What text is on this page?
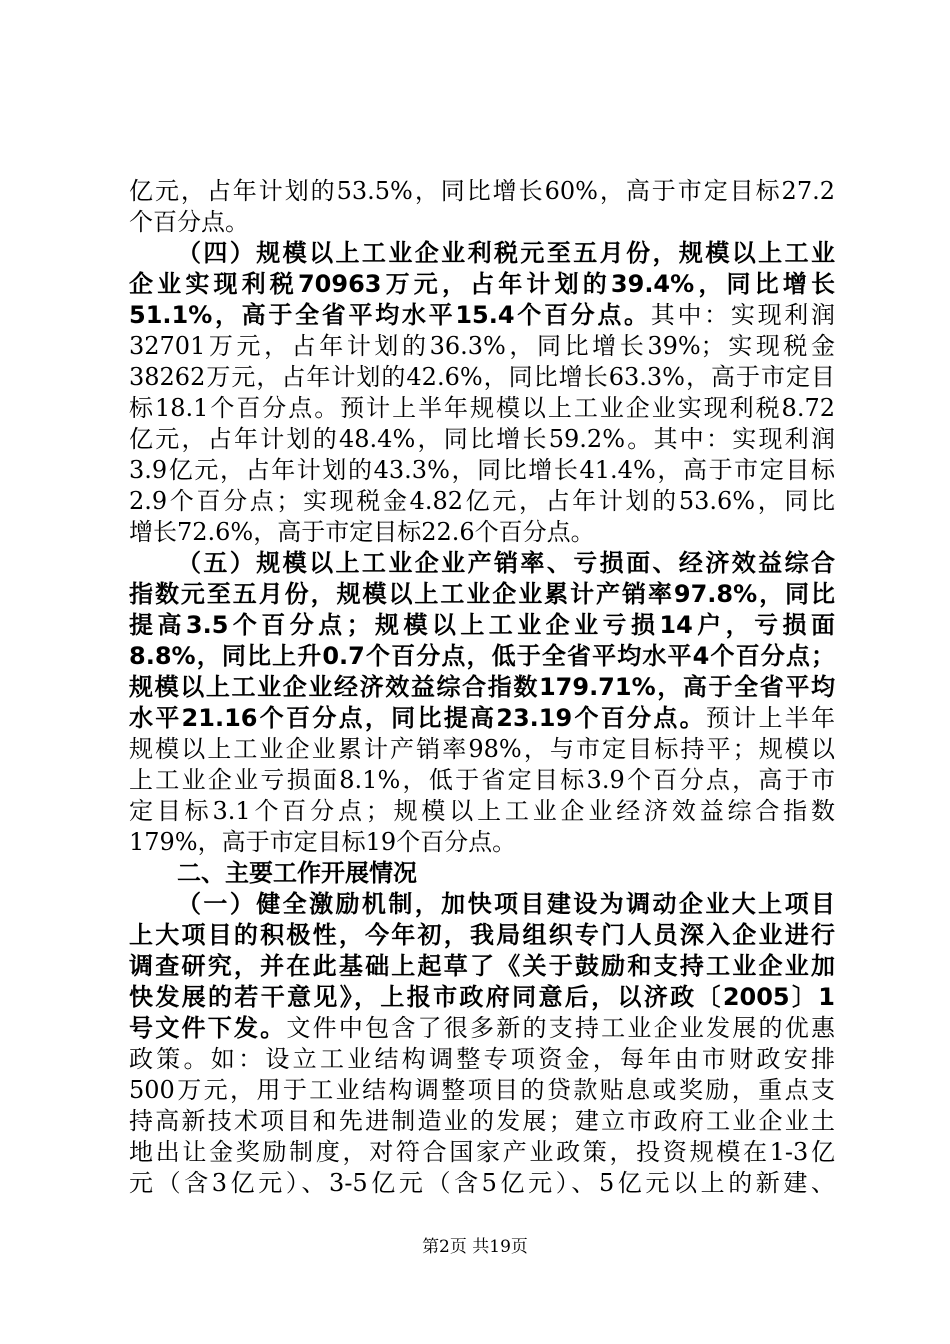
亿元，占年计划的53.5%，同比增长60%，高于市定目标27.2
个百分点。
（四）规模以上工业企业利税元至五月份，规模以上工业
企业实现利税70963万元，占年计划的39.4%，同比增长
51.1%，高于全省平均水平15.4个百分点。其中：实现利润
32701万元，占年计划的36.3%，同比增长39%；实现税金
38262万元，占年计划的42.6%，同比增长63.3%，高于市定目
标18.1个百分点。预计上半年规模以上工业企业实现利税8.72
亿元，占年计划的48.4%，同比增长59.2%。其中：实现利润
3.9亿元，占年计划的43.3%，同比增长41.4%，高于市定目标
2.9个百分点；实现税金4.82亿元，占年计划的53.6%，同比
增长72.6%，高于市定目标22.6个百分点。
（五）规模以上工业企业产销率、亏损面、经济效益综合
指数元至五月份，规模以上工业企业累计产销率97.8%，同比
提高3.5个百分点；规模以上工业企业亏损14户，亏损面
8.8%，同比上升0.7个百分点，低于全省平均水平4个百分点；
规模以上工业企业经济效益综合指数179.71%，高于全省平均
水平21.16个百分点，同比提高23.19个百分点。预计上半年
规模以上工业企业累计产销率98%，与市定目标持平；规模以
上工业企业亏损面8.1%，低于省定目标3.9个百分点，高于市
定目标3.1个百分点；规模以上工业企业经济效益综合指数
179%，高于市定目标19个百分点。
二、主要工作开展情况
（一）健全激励机制，加快项目建设为调动企业大上项目
上大项目的积极性，今年初，我局组织专门人员深入企业进行
调查研究，并在此基础上起草了《关于鼓励和支持工业企业加
快发展的若干意见》，上报市政府同意后，以济政〔2005〕1
号文件下发。文件中包含了很多新的支持工业企业发展的优惠
政策。如：设立工业结构调整专项资金，每年由市财政安排
500万元，用于工业结构调整项目的贷款贴息或奖励，重点支
持高新技术项目和先进制造业的发展；建立市政府工业企业土
地出让金奖励制度，对符合国家产业政策，投资规模在1-3亿
元（含3亿元）、3-5亿元（含5亿元）、5亿元以上的新建、
第2页 共19页
